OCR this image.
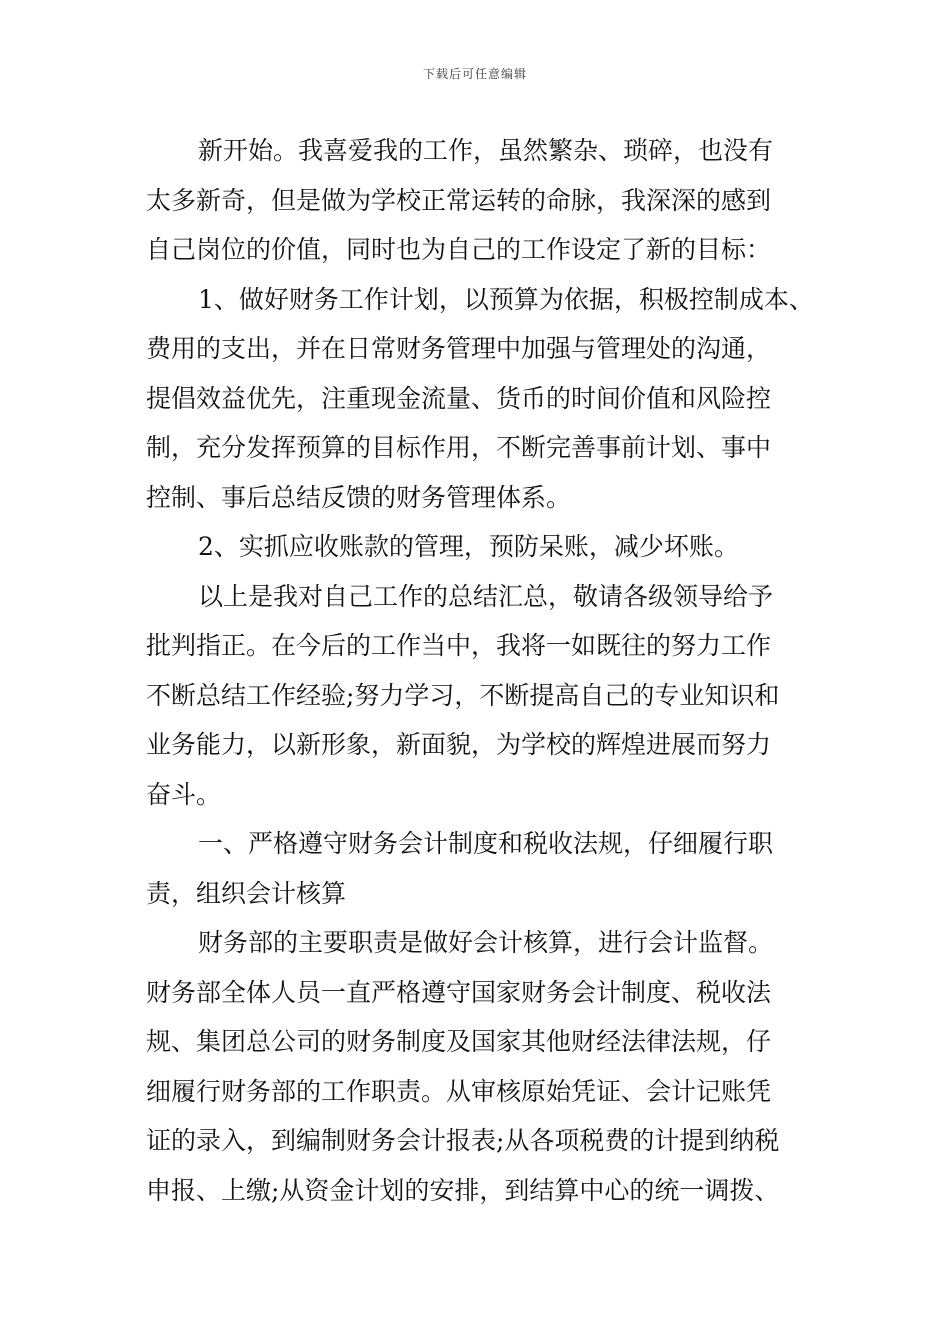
下载后可任意编辑
新开始。我喜爱我的工作，虽然繁杂、琐碎，也没有
太多新奇，但是做为学校正常运转的命脉，我深深的感到
自己岗位的价值，同时也为自己的工作设定了新的目标：
1、做好财务工作计划，以预算为依据，积极控制成本、
费用的支出，并在日常财务管理中加强与管理处的沟通，
提倡效益优先，注重现金流量、货币的时间价值和风险控
制，充分发挥预算的目标作用，不断完善事前计划、事中
控制、事后总结反馈的财务管理体系。
2、实抓应收账款的管理，预防呆账，减少坏账。
以上是我对自己工作的总结汇总，敬请各级领导给予
批判指正。在今后的工作当中，我将一如既往的努力工作
不断总结工作经验;努力学习，不断提高自己的专业知识和
业务能力，以新形象，新面貌，为学校的辉煌进展而努力
奋斗。
一、严格遵守财务会计制度和税收法规，仔细履行职
责，组织会计核算
财务部的主要职责是做好会计核算，进行会计监督。
财务部全体人员一直严格遵守国家财务会计制度、税收法
规、集团总公司的财务制度及国家其他财经法律法规，仔
细履行财务部的工作职责。从审核原始凭证、会计记账凭
证的录入，到编制财务会计报表;从各项税费的计提到纳税
申报、上缴;从资金计划的安排，到结算中心的统一调拨、
